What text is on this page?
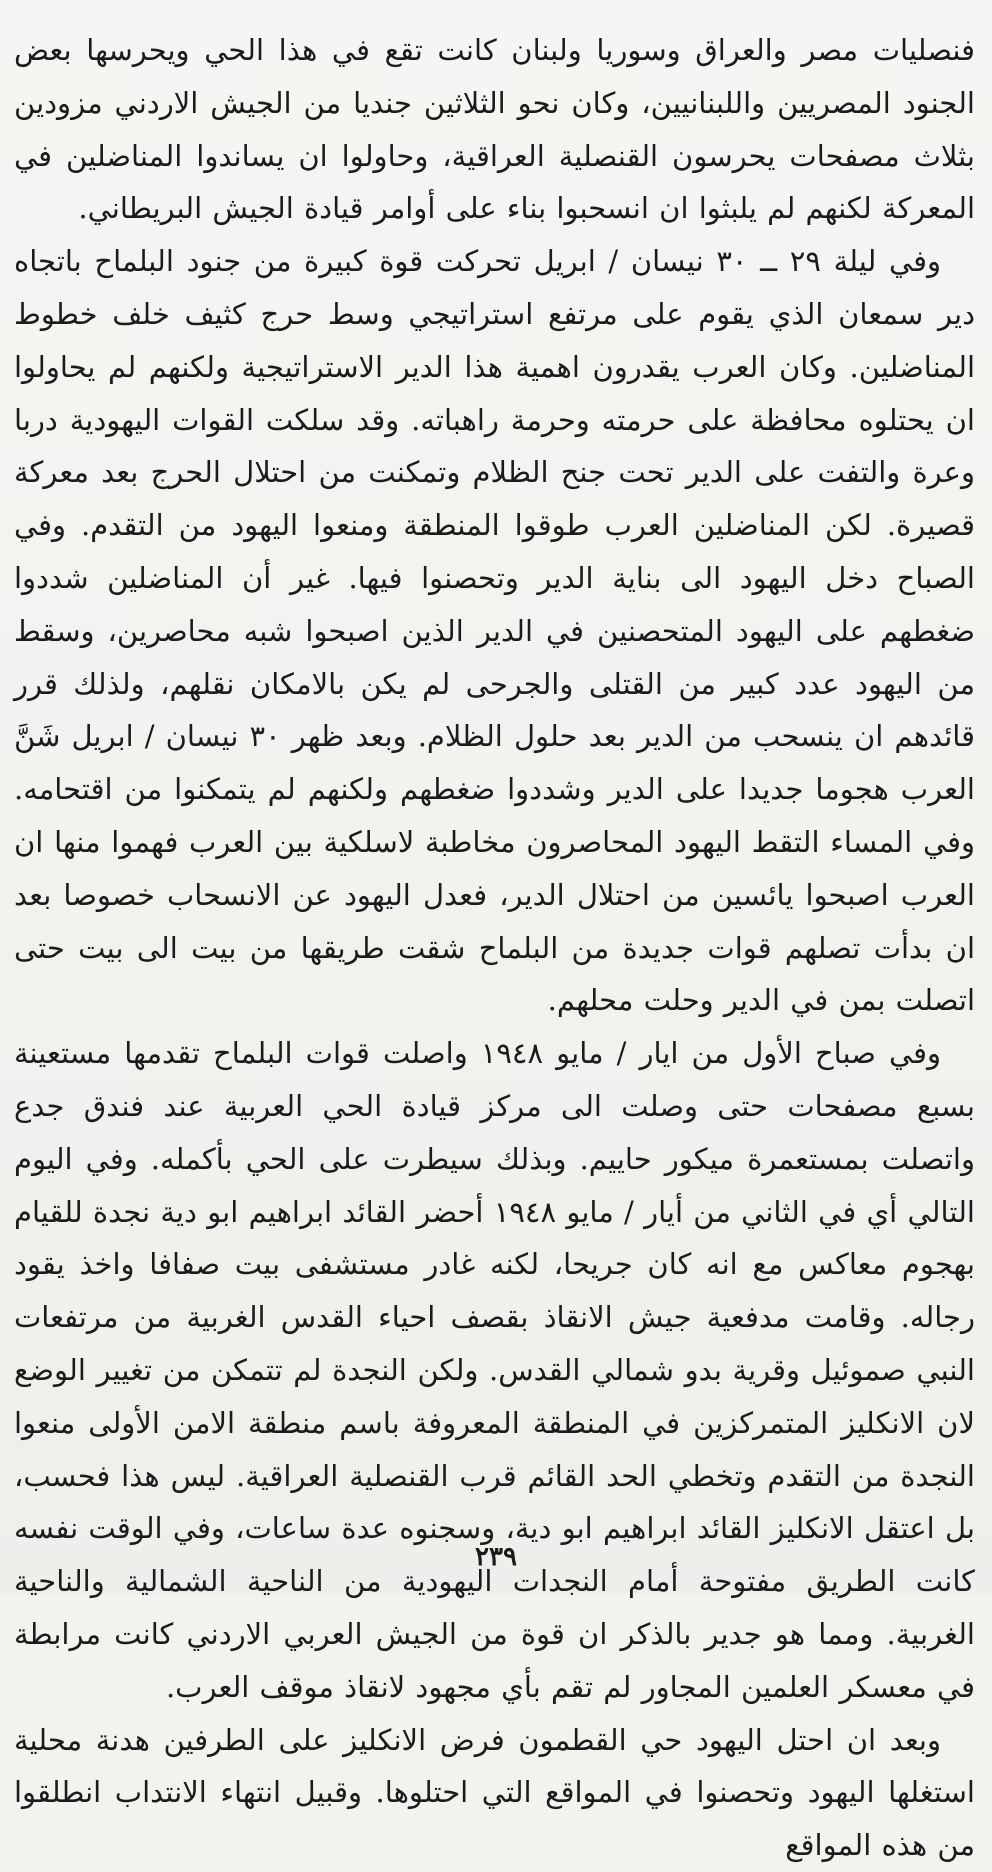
فنصليات مصر والعراق وسوريا ولبنان كانت تقع في هذا الحي ويحرسها بعض الجنود المصريين واللبنانيين، وكان نحو الثلاثين جنديا من الجيش الاردني مزودين بثلاث مصفحات يحرسون القنصلية العراقية، وحاولوا ان يساندوا المناضلين في المعركة لكنهم لم يلبثوا ان انسحبوا بناء على أوامر قيادة الجيش البريطاني.

وفي ليلة ٢٩ ــ ٣٠ نيسان / ابريل تحركت قوة كبيرة من جنود البلماح باتجاه دير سمعان الذي يقوم على مرتفع استراتيجي وسط حرج كثيف خلف خطوط المناضلين. وكان العرب يقدرون اهمية هذا الدير الاستراتيجية ولكنهم لم يحاولوا ان يحتلوه محافظة على حرمته وحرمة راهباته. وقد سلكت القوات اليهودية دربا وعرة والتفت على الدير تحت جنح الظلام وتمكنت من احتلال الحرج بعد معركة قصيرة. لكن المناضلين العرب طوقوا المنطقة ومنعوا اليهود من التقدم. وفي الصباح دخل اليهود الى بناية الدير وتحصنوا فيها. غير أن المناضلين شددوا ضغطهم على اليهود المتحصنين في الدير الذين اصبحوا شبه محاصرين، وسقط من اليهود عدد كبير من القتلى والجرحى لم يكن بالامكان نقلهم، ولذلك قرر قائدهم ان ينسحب من الدير بعد حلول الظلام. وبعد ظهر ٣٠ نيسان / ابريل شَنَّ العرب هجوما جديدا على الدير وشددوا ضغطهم ولكنهم لم يتمكنوا من اقتحامه. وفي المساء التقط اليهود المحاصرون مخاطبة لاسلكية بين العرب فهموا منها ان العرب اصبحوا يائسين من احتلال الدير، فعدل اليهود عن الانسحاب خصوصا بعد ان بدأت تصلهم قوات جديدة من البلماح شقت طريقها من بيت الى بيت حتى اتصلت بمن في الدير وحلت محلهم.

وفي صباح الأول من ايار / مايو ١٩٤٨ واصلت قوات البلماح تقدمها مستعينة بسبع مصفحات حتى وصلت الى مركز قيادة الحي العربية عند فندق جدع واتصلت بمستعمرة ميكور حاييم. وبذلك سيطرت على الحي بأكمله. وفي اليوم التالي أي في الثاني من أيار / مايو ١٩٤٨ أحضر القائد ابراهيم ابو دية نجدة للقيام بهجوم معاكس مع انه كان جريحا، لكنه غادر مستشفى بيت صفافا واخذ يقود رجاله. وقامت مدفعية جيش الانقاذ بقصف احياء القدس الغربية من مرتفعات النبي صموئيل وقرية بدو شمالي القدس. ولكن النجدة لم تتمكن من تغيير الوضع لان الانكليز المتمركزين في المنطقة المعروفة باسم منطقة الامن الأولى منعوا النجدة من التقدم وتخطي الحد القائم قرب القنصلية العراقية. ليس هذا فحسب، بل اعتقل الانكليز القائد ابراهيم ابو دية، وسجنوه عدة ساعات، وفي الوقت نفسه كانت الطريق مفتوحة أمام النجدات اليهودية من الناحية الشمالية والناحية الغربية. ومما هو جدير بالذكر ان قوة من الجيش العربي الاردني كانت مرابطة في معسكر العلمين المجاور لم تقم بأي مجهود لانقاذ موقف العرب.

وبعد ان احتل اليهود حي القطمون فرض الانكليز على الطرفين هدنة محلية استغلها اليهود وتحصنوا في المواقع التي احتلوها. وقبيل انتهاء الانتداب انطلقوا من هذه المواقع

٢٣٩
